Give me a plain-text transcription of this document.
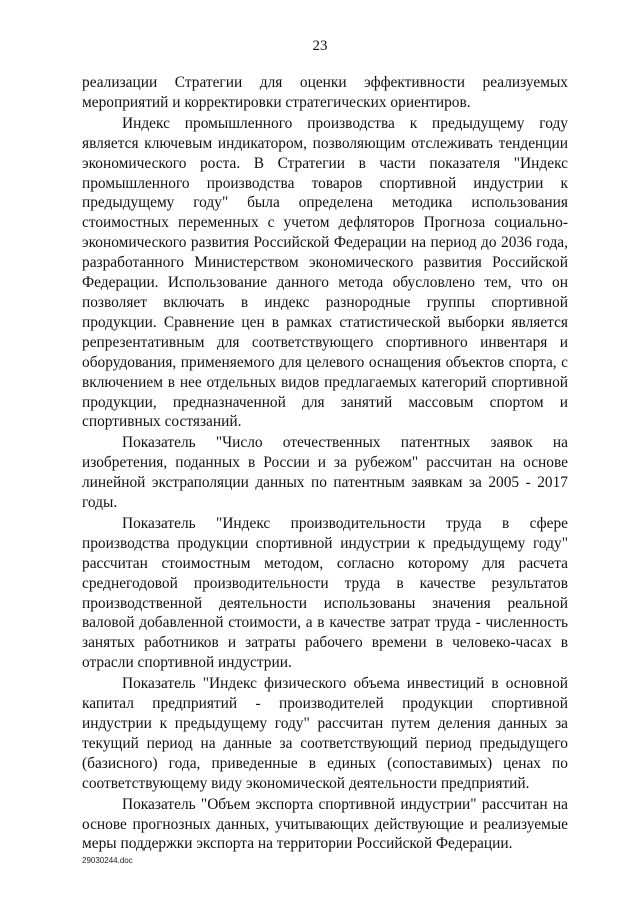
23

реализации Стратегии для оценки эффективности реализуемых мероприятий и корректировки стратегических ориентиров.

Индекс промышленного производства к предыдущему году является ключевым индикатором, позволяющим отслеживать тенденции экономического роста. В Стратегии в части показателя "Индекс промышленного производства товаров спортивной индустрии к предыдущему году" была определена методика использования стоимостных переменных с учетом дефляторов Прогноза социально-экономического развития Российской Федерации на период до 2036 года, разработанного Министерством экономического развития Российской Федерации. Использование данного метода обусловлено тем, что он позволяет включать в индекс разнородные группы спортивной продукции. Сравнение цен в рамках статистической выборки является репрезентативным для соответствующего спортивного инвентаря и оборудования, применяемого для целевого оснащения объектов спорта, с включением в нее отдельных видов предлагаемых категорий спортивной продукции, предназначенной для занятий массовым спортом и спортивных состязаний.

Показатель "Число отечественных патентных заявок на изобретения, поданных в России и за рубежом" рассчитан на основе линейной экстраполяции данных по патентным заявкам за 2005 - 2017 годы.

Показатель "Индекс производительности труда в сфере производства продукции спортивной индустрии к предыдущему году" рассчитан стоимостным методом, согласно которому для расчета среднегодовой производительности труда в качестве результатов производственной деятельности использованы значения реальной валовой добавленной стоимости, а в качестве затрат труда - численность занятых работников и затраты рабочего времени в человеко-часах в отрасли спортивной индустрии.

Показатель "Индекс физического объема инвестиций в основной капитал предприятий - производителей продукции спортивной индустрии к предыдущему году" рассчитан путем деления данных за текущий период на данные за соответствующий период предыдущего (базисного) года, приведенные в единых (сопоставимых) ценах по соответствующему виду экономической деятельности предприятий.

Показатель "Объем экспорта спортивной индустрии" рассчитан на основе прогнозных данных, учитывающих действующие и реализуемые меры поддержки экспорта на территории Российской Федерации.

29030244.doc
